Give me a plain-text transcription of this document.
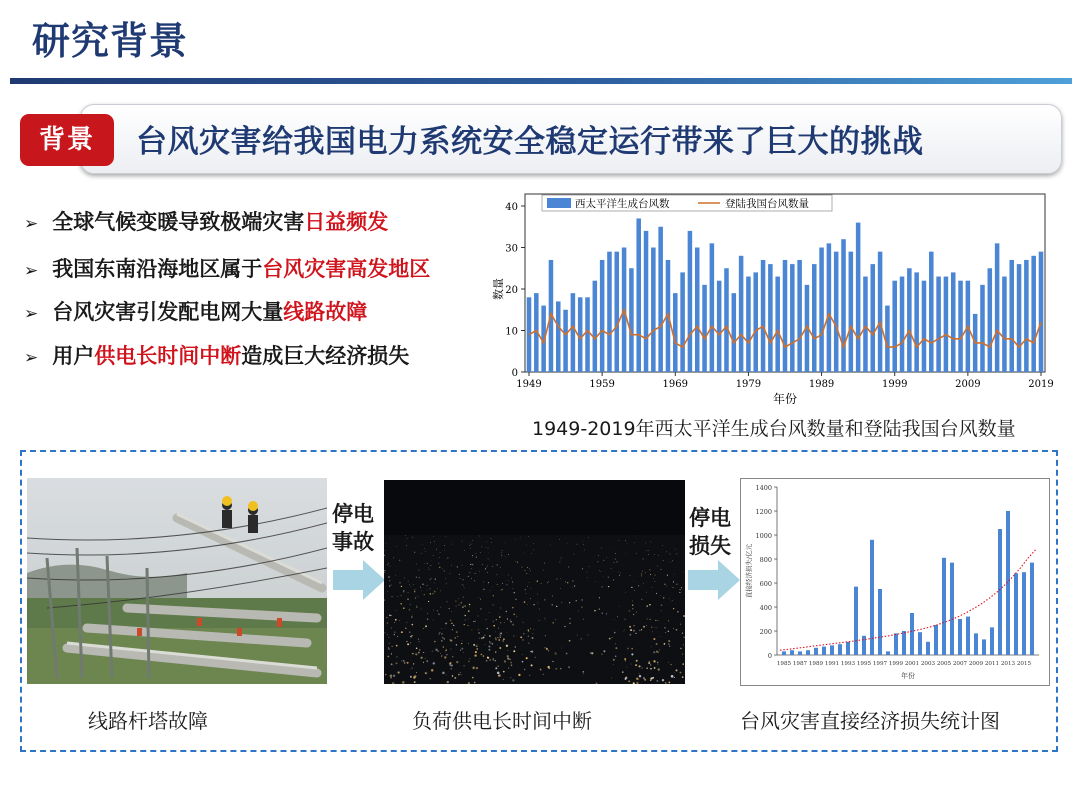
研究背景
背景	台风灾害给我国电力系统安全稳定运行带来了巨大的挑战
➢ 全球气候变暖导致极端灾害日益频发
➢ 我国东南沿海地区属于台风灾害高发地区
➢ 台风灾害引发配电网大量线路故障
➢ 用户供电长时间中断造成巨大经济损失
0
10
20
30
40
1949	1959	1969	1979	1989	1999	2009	2019
年份
数量
西太平洋生成台风数	登陆我国台风数量
1949-2019年西太平洋生成台风数量和登陆我国台风数量
停电
事故
停电
损失
0
200
400
600
800
1000
1200
1400
1985 1987 1989 1991 1993 1995 1997 1999 2001 2003 2005 2007 2009 2011 2013 2015
年份
直接经济损失/亿元
线路杆塔故障	负荷供电长时间中断	台风灾害直接经济损失统计图
